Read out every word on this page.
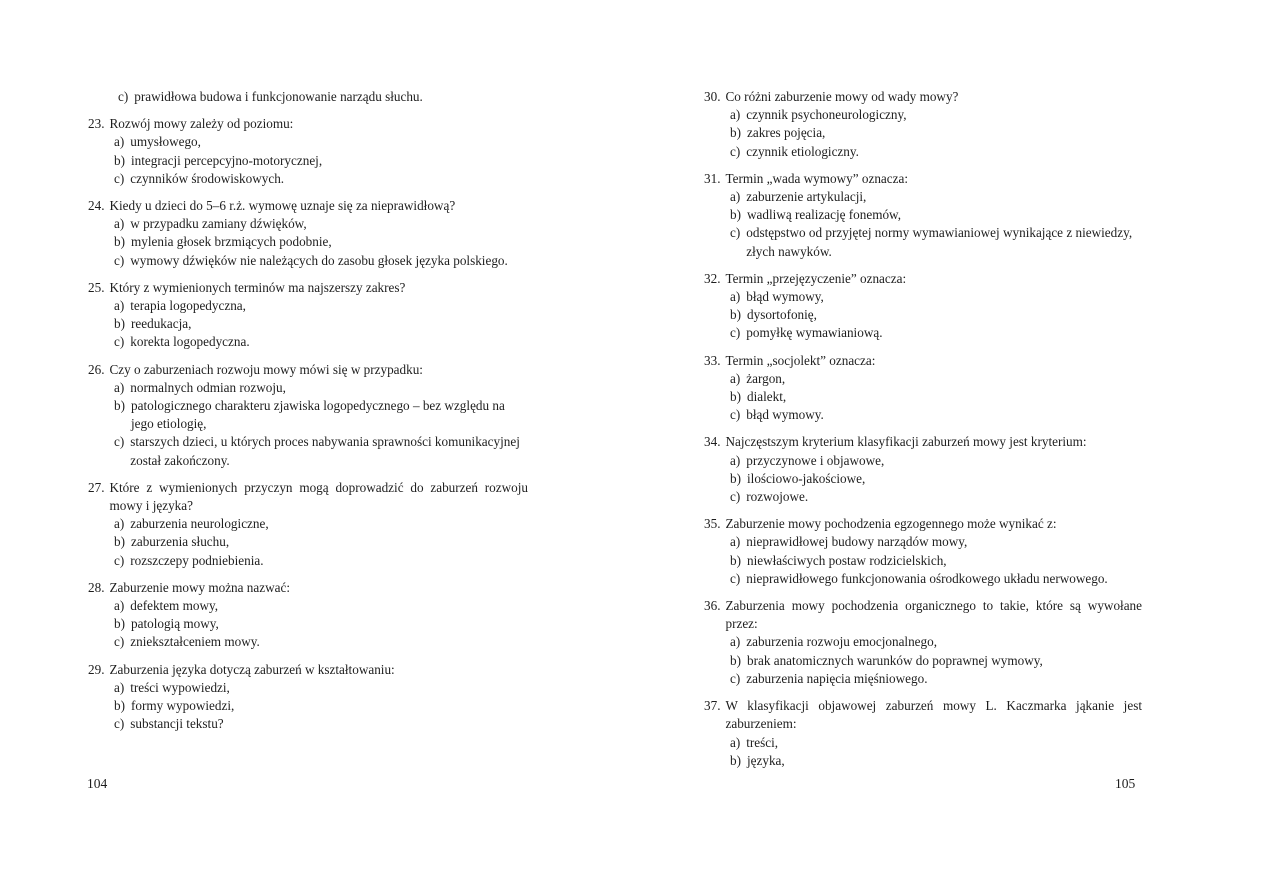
c) prawidłowa budowa i funkcjonowanie narządu słuchu.
23. Rozwój mowy zależy od poziomu:
a) umysłowego,
b) integracji percepcyjno-motorycznej,
c) czynników środowiskowych.
24. Kiedy u dzieci do 5–6 r.ż. wymowę uznaje się za nieprawidłową?
a) w przypadku zamiany dźwięków,
b) mylenia głosek brzmiących podobnie,
c) wymowy dźwięków nie należących do zasobu głosek języka polskiego.
25. Który z wymienionych terminów ma najszerszy zakres?
a) terapia logopedyczna,
b) reedukacja,
c) korekta logopedyczna.
26. Czy o zaburzeniach rozwoju mowy mówi się w przypadku:
a) normalnych odmian rozwoju,
b) patologicznego charakteru zjawiska logopedycznego – bez względu na jego etiologię,
c) starszych dzieci, u których proces nabywania sprawności komunikacyjnej został zakończony.
27. Które z wymienionych przyczyn mogą doprowadzić do zaburzeń rozwoju mowy i języka?
a) zaburzenia neurologiczne,
b) zaburzenia słuchu,
c) rozszczepy podniebienia.
28. Zaburzenie mowy można nazwać:
a) defektem mowy,
b) patologią mowy,
c) zniekształceniem mowy.
29. Zaburzenia języka dotyczą zaburzeń w kształtowaniu:
a) treści wypowiedzi,
b) formy wypowiedzi,
c) substancji tekstu?
30. Co różni zaburzenie mowy od wady mowy?
a) czynnik psychoneurologiczny,
b) zakres pojęcia,
c) czynnik etiologiczny.
31. Termin „wada wymowy” oznacza:
a) zaburzenie artykulacji,
b) wadliwą realizację fonemów,
c) odstępstwo od przyjętej normy wymawianiowej wynikające z niewiedzy, złych nawyków.
32. Termin „przejęzyczenie” oznacza:
a) błąd wymowy,
b) dysortofonię,
c) pomyłkę wymawianiową.
33. Termin „socjolekt” oznacza:
a) żargon,
b) dialekt,
c) błąd wymowy.
34. Najczęstszym kryterium klasyfikacji zaburzeń mowy jest kryterium:
a) przyczynowe i objawowe,
b) ilościowo-jakościowe,
c) rozwojowe.
35. Zaburzenie mowy pochodzenia egzogennego może wynikać z:
a) nieprawidłowej budowy narządów mowy,
b) niewłaściwych postaw rodzicielskich,
c) nieprawidłowego funkcjonowania ośrodkowego układu nerwowego.
36. Zaburzenia mowy pochodzenia organicznego to takie, które są wywołane przez:
a) zaburzenia rozwoju emocjonalnego,
b) brak anatomicznych warunków do poprawnej wymowy,
c) zaburzenia napięcia mięśniowego.
37. W klasyfikacji objawowej zaburzeń mowy L. Kaczmarka jąkanie jest zaburzeniem:
a) treści,
b) języka,
104	105
